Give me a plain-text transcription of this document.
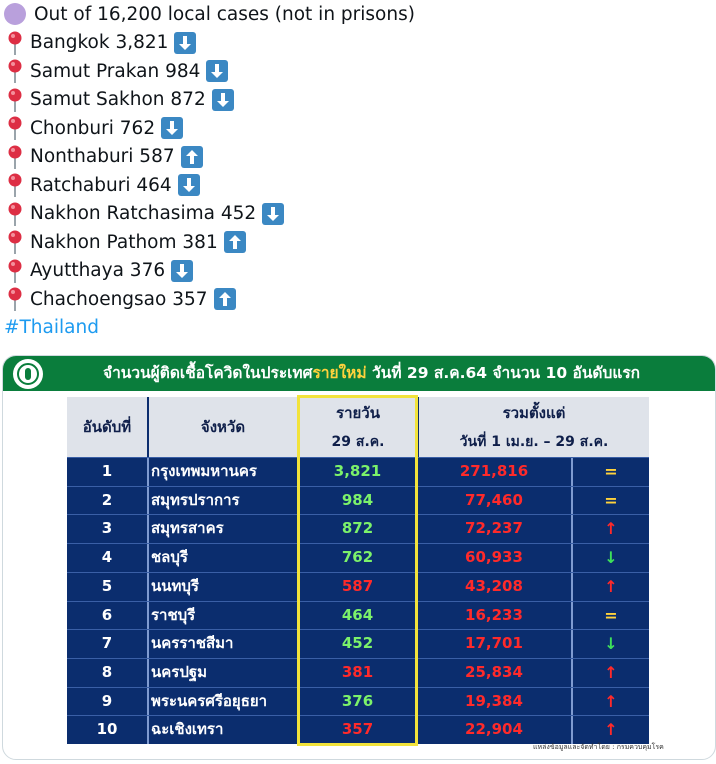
Out of 16,200 local cases (not in prisons)
Bangkok 3,821
Samut Prakan 984
Samut Sakhon 872
Chonburi 762
Nonthaburi 587
Ratchaburi 464
Nakhon Ratchasima 452
Nakhon Pathom 381
Ayutthaya 376
Chachoengsao 357
#Thailand
จำนวนผู้ติดเชื้อโควิดในประเทศรายใหม่ วันที่ 29 ส.ค.64 จำนวน 10 อันดับแรก
อันดับที่	จังหวัด
รายวัน
29 ส.ค.
รวมตั้งแต่
วันที่ 1 เม.ย. – 29 ส.ค.
1	กรุงเทพมหานคร	3,821	271,816	=
2	สมุทรปราการ	984	77,460	=
3	สมุทรสาคร	872	72,237	↑
4	ชลบุรี	762	60,933	↓
5	นนทบุรี	587	43,208	↑
6	ราชบุรี	464	16,233	=
7	นครราชสีมา	452	17,701	↓
8	นครปฐม	381	25,834	↑
9	พระนครศรีอยุธยา	376	19,384	↑
10	ฉะเชิงเทรา	357	22,904	↑
แหล่งข้อมูลและจัดทำโดย : กรมควบคุมโรค
